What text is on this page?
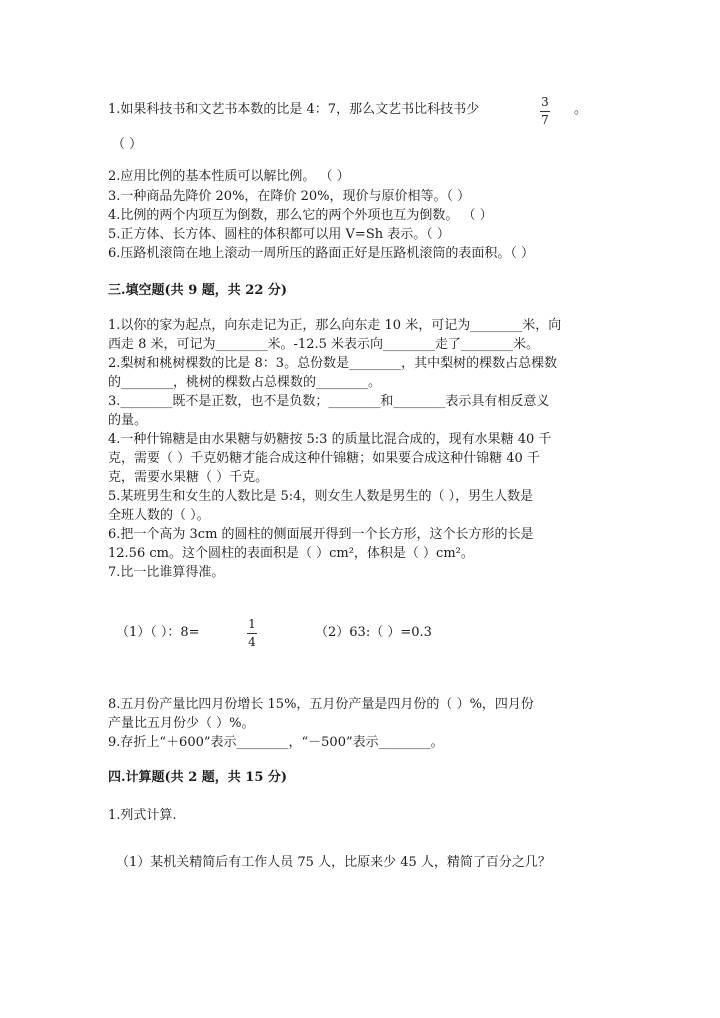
1.如果科技书和文艺书本数的比是 4：7，那么文艺书比科技书少	3
7
。
（ ）
2.应用比例的基本性质可以解比例。 （ ）
3.一种商品先降价 20%，在降价 20%，现价与原价相等。（ ）
4.比例的两个内项互为倒数，那么它的两个外项也互为倒数。 （ ）
5.正方体、长方体、圆柱的体积都可以用 V=Sh 表示。（ ）
6.压路机滚筒在地上滚动一周所压的路面正好是压路机滚筒的表面积。（ ）
三.填空题(共 9 题，共 22 分)
1.以你的家为起点，向东走记为正，那么向东走 10 米，可记为________米，向
西走 8 米，可记为________米。-12.5 米表示向________走了________米。
2.梨树和桃树棵数的比是 8：3。总份数是________，其中梨树的棵数占总棵数
的________，桃树的棵数占总棵数的________。
3.________既不是正数，也不是负数；________和________表示具有相反意义
的量。
4.一种什锦糖是由水果糖与奶糖按 5:3 的质量比混合成的，现有水果糖 40 千
克，需要（ ）千克奶糖才能合成这种什锦糖；如果要合成这种什锦糖 40 千
克，需要水果糖（ ）千克。
5.某班男生和女生的人数比是 5:4，则女生人数是男生的（ ），男生人数是
全班人数的（ ）。
6.把一个高为 3cm 的圆柱的侧面展开得到一个长方形，这个长方形的长是
12.56 cm。这个圆柱的表面积是（ ）cm²，体积是（ ）cm²。
7.比一比谁算得准。
（1）（ ）：8=
1
4
（2）63:（ ）=0.3
8.五月份产量比四月份增长 15%，五月份产量是四月份的（ ）%，四月份
产量比五月份少（ ）%。
9.存折上“＋600”表示________，“－500”表示________。
四.计算题(共 2 题，共 15 分)
1.列式计算.
（1）某机关精简后有工作人员 75 人，比原来少 45 人，精简了百分之几？
